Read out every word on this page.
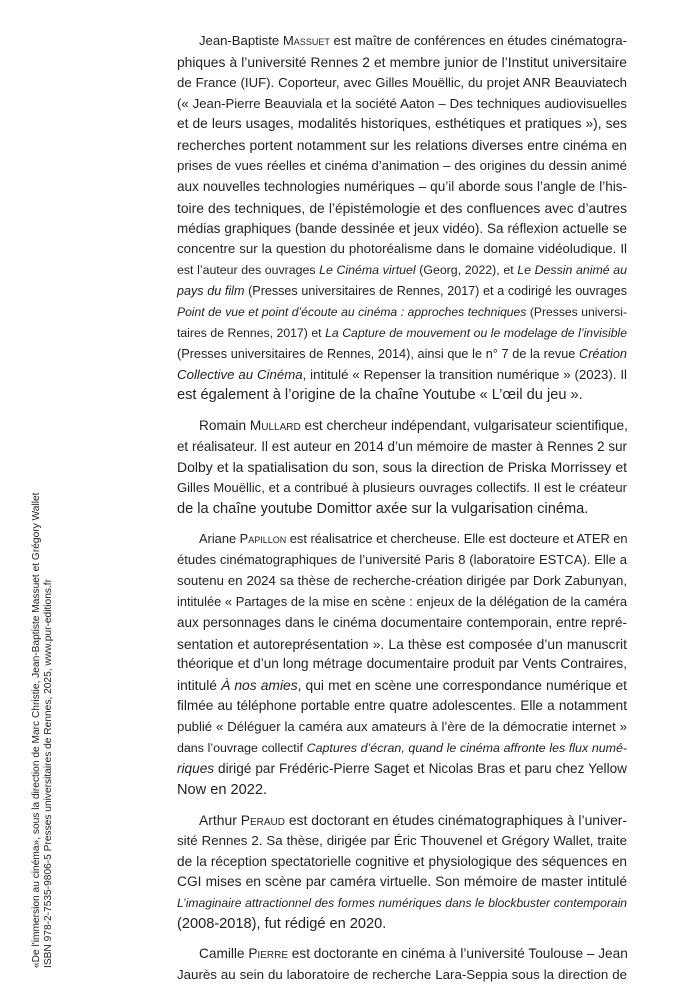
«De l'immersion au cinéma», sous la direction de Marc Christie, Jean-Baptiste Massuet et Grégory Wallet ISBN 978-2-7535-9806-5 Presses universitaires de Rennes, 2025, www.pur-editions.fr
Jean-Baptiste Massuet est maître de conférences en études cinématogra-
phiques à l’université Rennes 2 et membre junior de l’Institut universitaire
de France (IUF). Coporteur, avec Gilles Mouëllic, du projet ANR Beauviatech
(« Jean-Pierre Beauviala et la société Aaton – Des techniques audiovisuelles
et de leurs usages, modalités historiques, esthétiques et pratiques »), ses
recherches portent notamment sur les relations diverses entre cinéma en
prises de vues réelles et cinéma d’animation – des origines du dessin animé
aux nouvelles technologies numériques – qu’il aborde sous l’angle de l’his-
toire des techniques, de l’épistémologie et des confluences avec d’autres
médias graphiques (bande dessinée et jeux vidéo). Sa réflexion actuelle se
concentre sur la question du photoréalisme dans le domaine vidéoludique. Il
est l’auteur des ouvrages Le Cinéma virtuel (Georg, 2022), et Le Dessin animé au
pays du film (Presses universitaires de Rennes, 2017) et a codirigé les ouvrages
Point de vue et point d’écoute au cinéma : approches techniques (Presses universi-
taires de Rennes, 2017) et La Capture de mouvement ou le modelage de l’invisible
(Presses universitaires de Rennes, 2014), ainsi que le n° 7 de la revue Création
Collective au Cinéma, intitulé « Repenser la transition numérique » (2023). Il
est également à l’origine de la chaîne Youtube « L’œil du jeu ».
Romain Mullard est chercheur indépendant, vulgarisateur scientifique,
et réalisateur. Il est auteur en 2014 d’un mémoire de master à Rennes 2 sur
Dolby et la spatialisation du son, sous la direction de Priska Morrissey et
Gilles Mouëllic, et a contribué à plusieurs ouvrages collectifs. Il est le créateur
de la chaîne youtube Domittor axée sur la vulgarisation cinéma.
Ariane Papillon est réalisatrice et chercheuse. Elle est docteure et ATER en
études cinématographiques de l’université Paris 8 (laboratoire ESTCA). Elle a
soutenu en 2024 sa thèse de recherche-création dirigée par Dork Zabunyan,
intitulée « Partages de la mise en scène : enjeux de la délégation de la caméra
aux personnages dans le cinéma documentaire contemporain, entre repré-
sentation et autoreprésentation ». La thèse est composée d’un manuscrit
théorique et d’un long métrage documentaire produit par Vents Contraires,
intitulé À nos amies, qui met en scène une correspondance numérique et
filmée au téléphone portable entre quatre adolescentes. Elle a notamment
publié « Déléguer la caméra aux amateurs à l’ère de la démocratie internet »
dans l’ouvrage collectif Captures d’écran, quand le cinéma affronte les flux numé-
riques dirigé par Frédéric-Pierre Saget et Nicolas Bras et paru chez Yellow
Now en 2022.
Arthur Peraud est doctorant en études cinématographiques à l’univer-
sité Rennes 2. Sa thèse, dirigée par Éric Thouvenel et Grégory Wallet, traite
de la réception spectatorielle cognitive et physiologique des séquences en
CGI mises en scène par caméra virtuelle. Son mémoire de master intitulé
L’imaginaire attractionnel des formes numériques dans le blockbuster contemporain
(2008-2018), fut rédigé en 2020.
Camille Pierre est doctorante en cinéma à l’université Toulouse – Jean
Jaurès au sein du laboratoire de recherche Lara-Seppia sous la direction de
